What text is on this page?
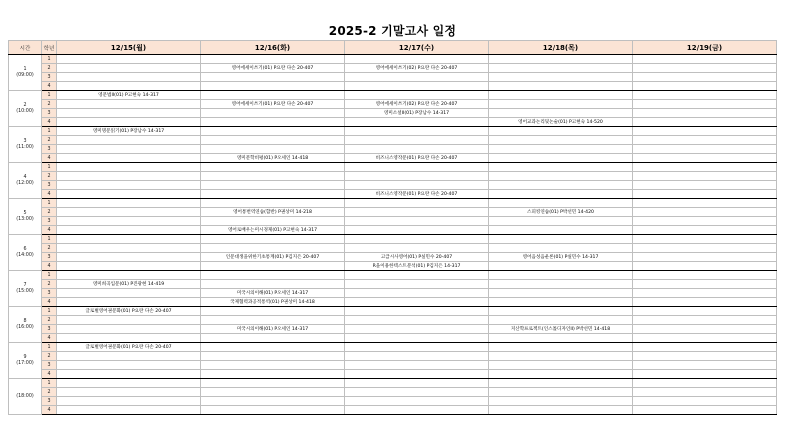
2025-2 기말고사 일정
시간	학년	12/15(월)	12/16(화)	12/17(수)	12/18(목)	12/19(금)

1
(09:00)	1					
	2		영어에세이쓰기(01) P요란 다손 20-407	영어에세이쓰기(02) P요란 다손 20-407		
	3					
	4					

2
(10:00)	1	영문법II(01) P고현숙 14-317				
	2		영어에세이쓰기(01) P요란 다손 20-407	영어에세이쓰기(02) P요란 다손 20-407		
	3			영미소설II(01) P장남수 14-317		
	4				영어교과논리및논술(01) P고현숙 14-520	

3
(11:00)	1	영미명문읽기(01) P장남수 14-317				
	2					
	3					
	4		영미문학비평(01) P오세인 14-418	비즈니스영작문(01) P요란 다손 20-407		

4
(12:00)	1					
	2					
	3					
	4			비즈니스영작문(01) P요란 다손 20-407		

5
(13:00)	1					
	2		영어통번역연습(합반) P권상미 14-218		스피킹연습(01) P박선민 14-420	
	3					
	4		영어로배우는미시경제(01) P고현숙 14-317			

6
(14:00)	1					
	2					
	3		인문대생을위한기초통계(01) P김지은 20-407	고급시사영어(01) P실민수 20-407	영어음성음운론(01) P실민수 14-317	
	4			R을이용한텍스트분석(01) P김지은 14-317		

7
(15:00)	1					
	2	영미희곡입문(01) P진광현 14-419				
	3		미국시의이해(01) P오세인 14-317			
	4		국제협력과공적통역(01) P권상미 14-418			

8
(16:00)	1	글로벌영어권문화(01) P요란 다손 20-407				
	2					
	3		미국시의이해(01) P오세인 14-317		지산학프로젝트(인스톨디자인II) P박선민 14-418	
	4					

9
(17:00)	1	글로벌영어권문화(01) P요란 다손 20-407				
	2					
	3					
	4					

(18:00)	1					
	2					
	3					
	4					
